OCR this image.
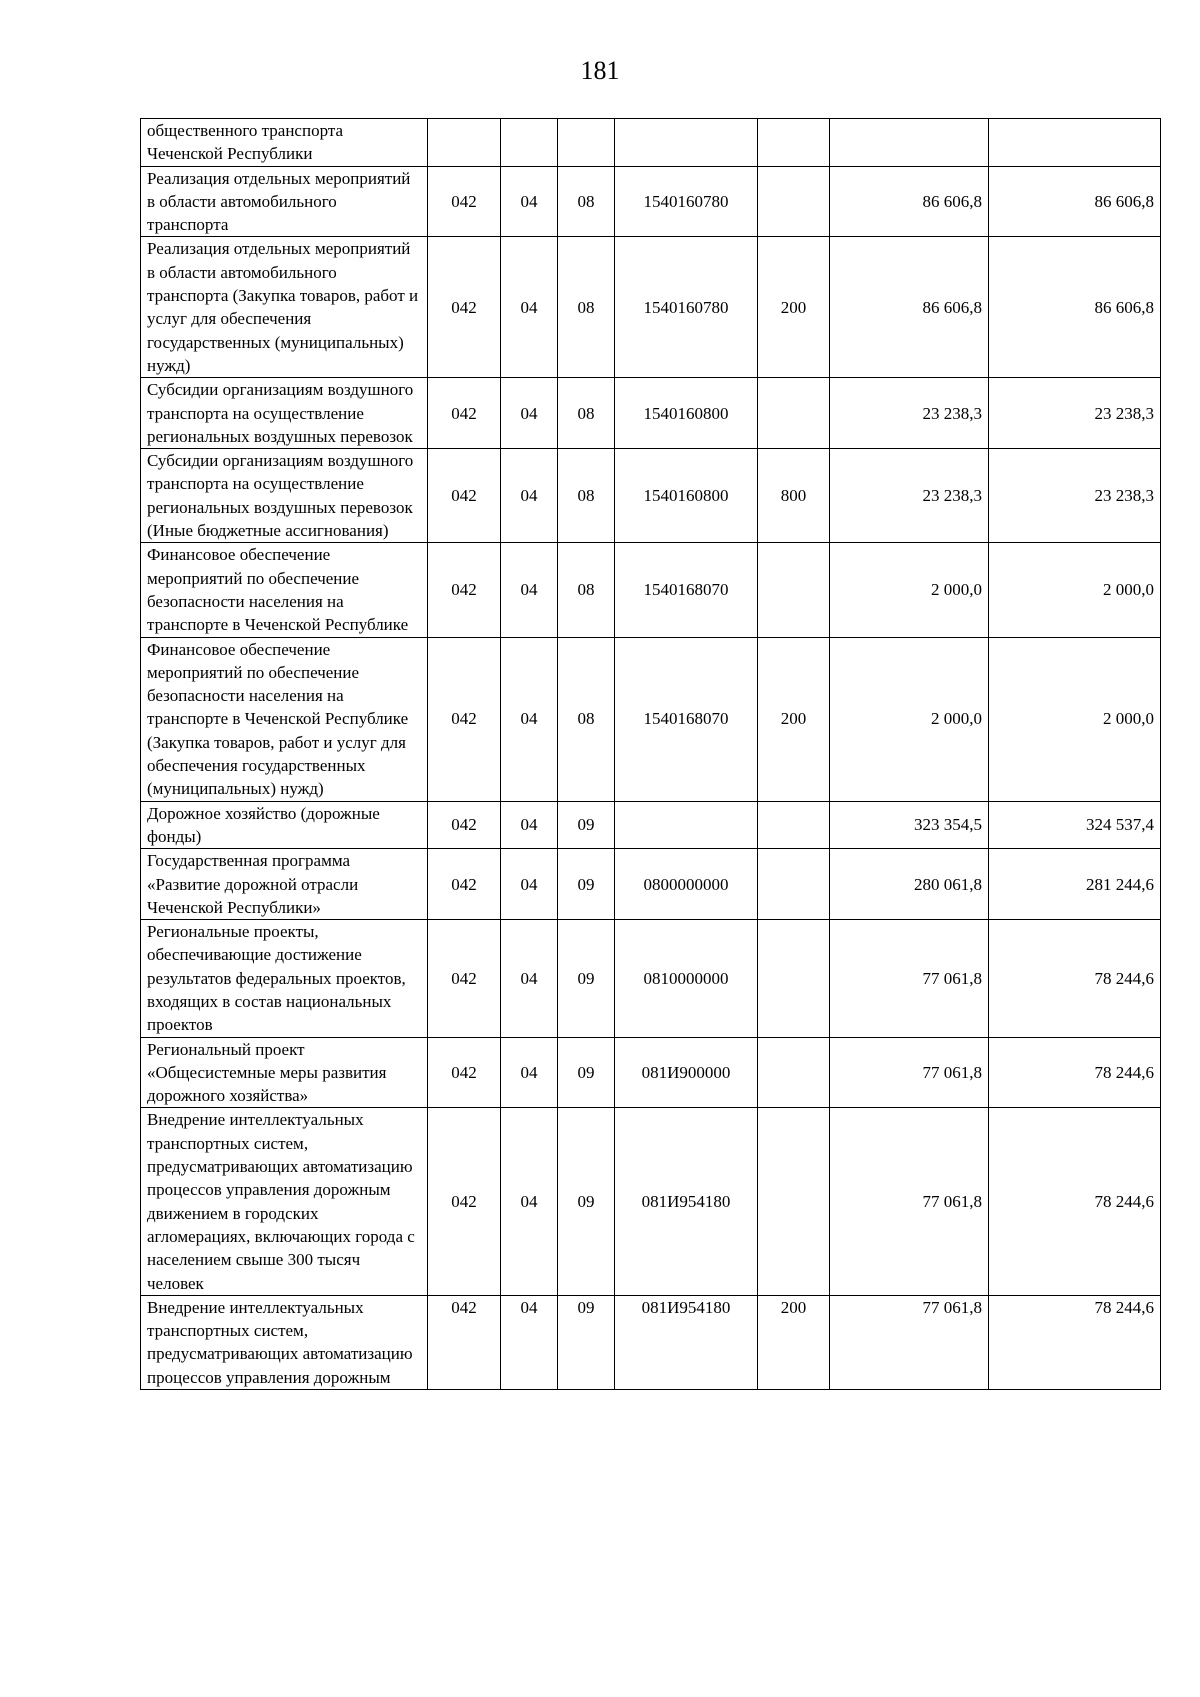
181
общественного транспорта Чеченской Республики							
Реализация отдельных мероприятий в области автомобильного транспорта	042	04	08	1540160780		86 606,8	86 606,8
Реализация отдельных мероприятий в области автомобильного транспорта (Закупка товаров, работ и услуг для обеспечения государственных (муниципальных) нужд)	042	04	08	1540160780	200	86 606,8	86 606,8
Субсидии организациям воздушного транспорта на осуществление региональных воздушных перевозок	042	04	08	1540160800		23 238,3	23 238,3
Субсидии организациям воздушного транспорта на осуществление региональных воздушных перевозок (Иные бюджетные ассигнования)	042	04	08	1540160800	800	23 238,3	23 238,3
Финансовое обеспечение мероприятий по обеспечение безопасности населения на транспорте в Чеченской Республике	042	04	08	1540168070		2 000,0	2 000,0
Финансовое обеспечение мероприятий по обеспечение безопасности населения на транспорте в Чеченской Республике (Закупка товаров, работ и услуг для обеспечения государственных (муниципальных) нужд)	042	04	08	1540168070	200	2 000,0	2 000,0
Дорожное хозяйство (дорожные фонды)	042	04	09			323 354,5	324 537,4
Государственная программа «Развитие дорожной отрасли Чеченской Республики»	042	04	09	0800000000		280 061,8	281 244,6
Региональные проекты, обеспечивающие достижение результатов федеральных проектов, входящих в состав национальных проектов	042	04	09	0810000000		77 061,8	78 244,6
Региональный проект «Общесистемные меры развития дорожного хозяйства»	042	04	09	081И900000		77 061,8	78 244,6
Внедрение интеллектуальных транспортных систем, предусматривающих автоматизацию процессов управления дорожным движением в городских агломерациях, включающих города с населением свыше 300 тысяч человек	042	04	09	081И954180		77 061,8	78 244,6
Внедрение интеллектуальных транспортных систем, предусматривающих автоматизацию процессов управления дорожным	042	04	09	081И954180	200	77 061,8	78 244,6
